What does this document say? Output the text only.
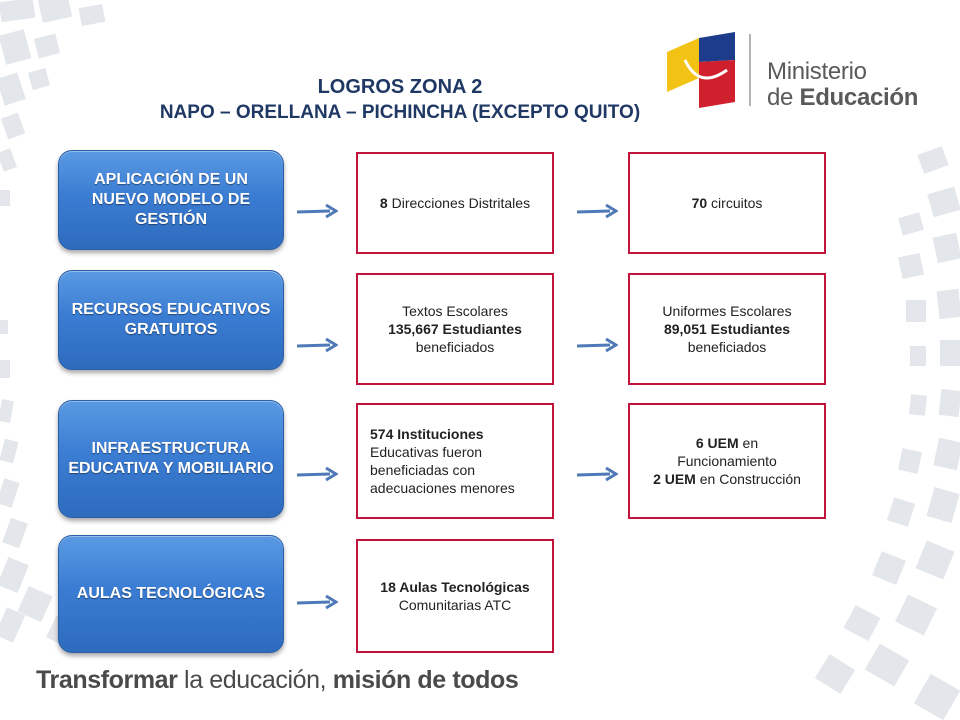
LOGROS ZONA 2
NAPO – ORELLANA – PICHINCHA (EXCEPTO QUITO)
Ministerio
de Educación
APLICACIÓN DE UN NUEVO MODELO DE GESTIÓN
8 Direcciones Distritales	70 circuitos
RECURSOS EDUCATIVOS GRATUITOS
Textos Escolares
135,667 Estudiantes
beneficiados
Uniformes Escolares
89,051 Estudiantes
beneficiados
INFRAESTRUCTURA EDUCATIVA Y MOBILIARIO
574 Instituciones
Educativas fueron
beneficiadas con
adecuaciones menores
6 UEM en
Funcionamiento
2 UEM en Construcción
AULAS TECNOLÓGICAS	18 Aulas Tecnológicas
Comunitarias ATC
Transformar la educación, misión de todos
